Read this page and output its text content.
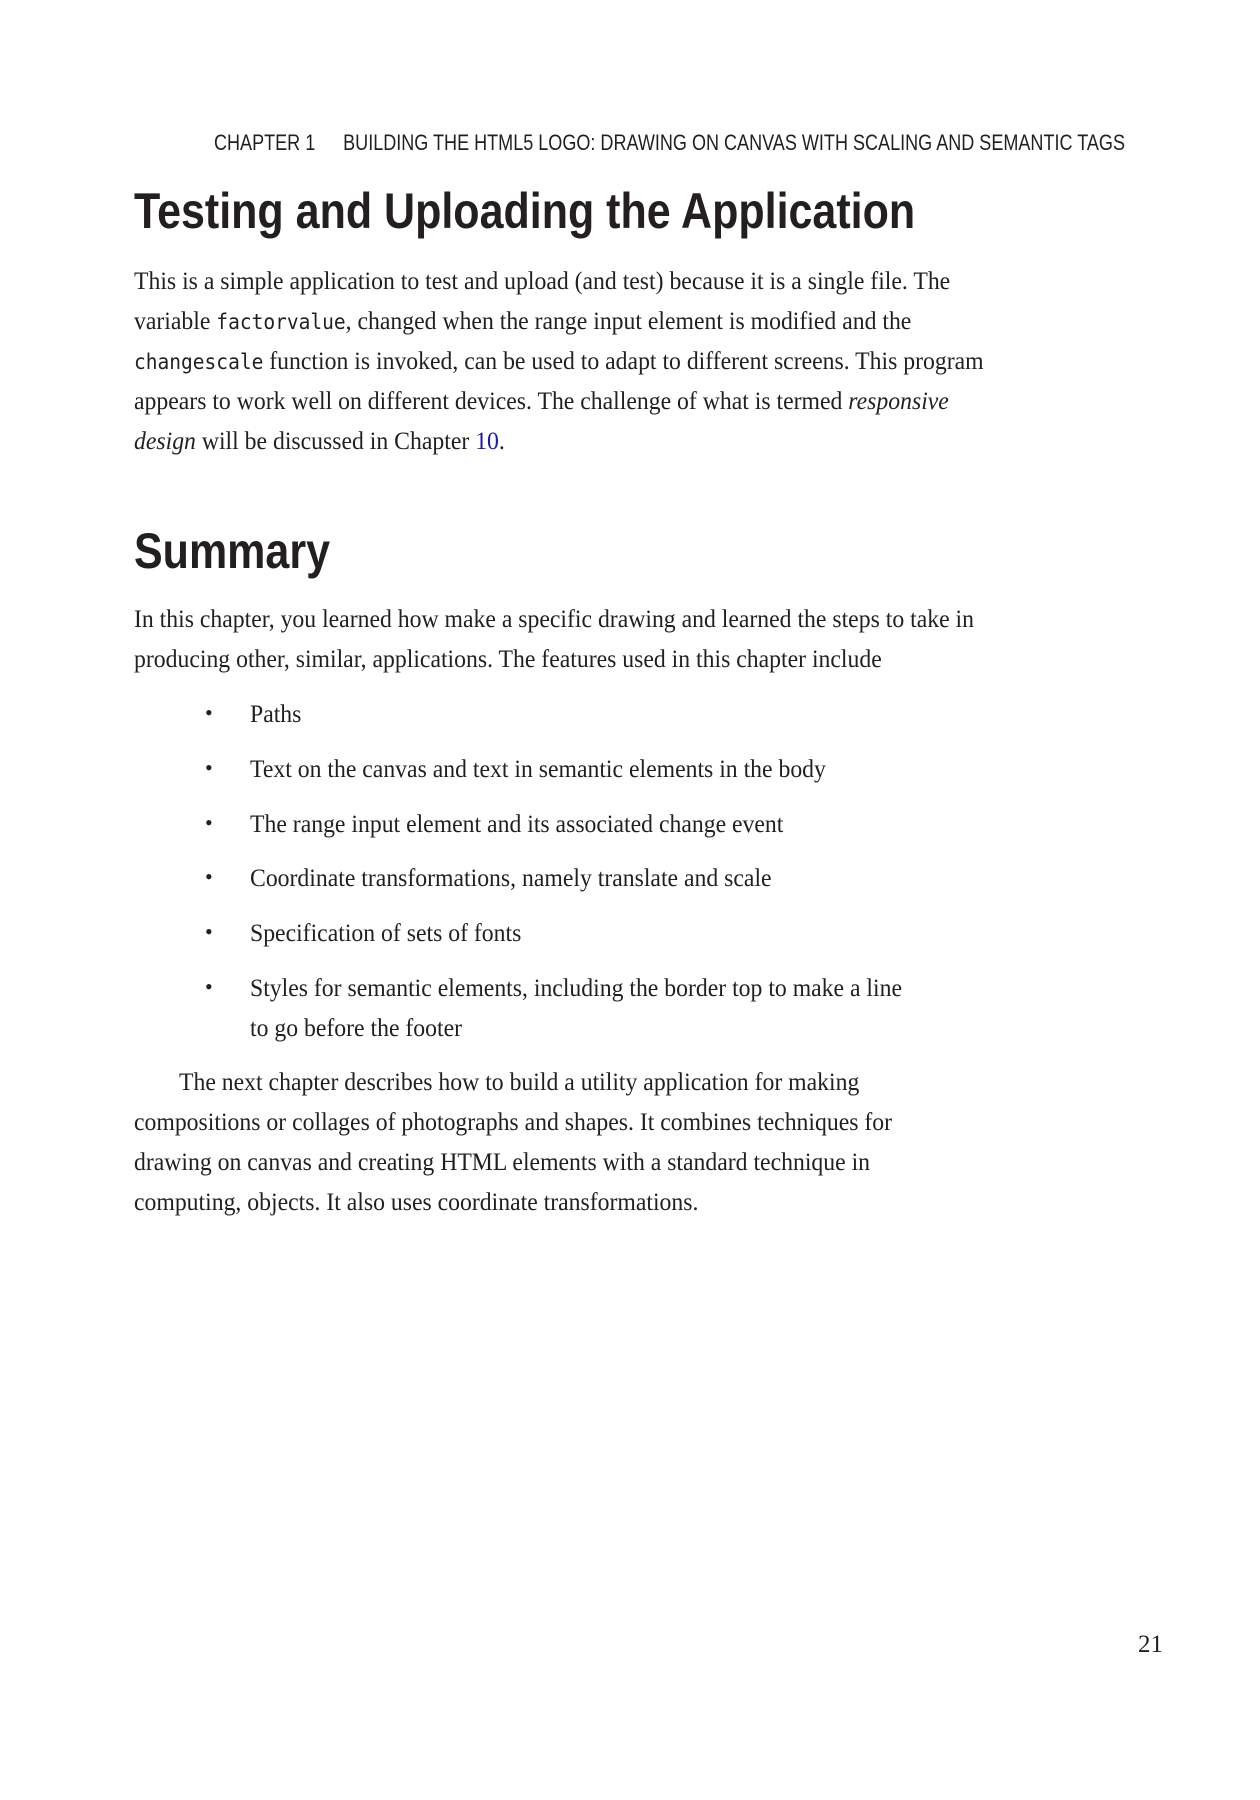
CHAPTER 1 BUILDING THE HTML5 LOGO: DRAWING ON CANVAS WITH SCALING AND SEMANTIC TAGS
Testing and Uploading the Application
This is a simple application to test and upload (and test) because it is a single file. The
variable factorvalue, changed when the range input element is modified and the
changescale function is invoked, can be used to adapt to different screens. This program
appears to work well on different devices. The challenge of what is termed responsive
design will be discussed in Chapter 10.
Summary
In this chapter, you learned how make a specific drawing and learned the steps to take in
producing other, similar, applications. The features used in this chapter include
• Paths
• Text on the canvas and text in semantic elements in the body
• The range input element and its associated change event
• Coordinate transformations, namely translate and scale
• Specification of sets of fonts
• Styles for semantic elements, including the border top to make a line
to go before the footer
The next chapter describes how to build a utility application for making
compositions or collages of photographs and shapes. It combines techniques for
drawing on canvas and creating HTML elements with a standard technique in
computing, objects. It also uses coordinate transformations.
21
